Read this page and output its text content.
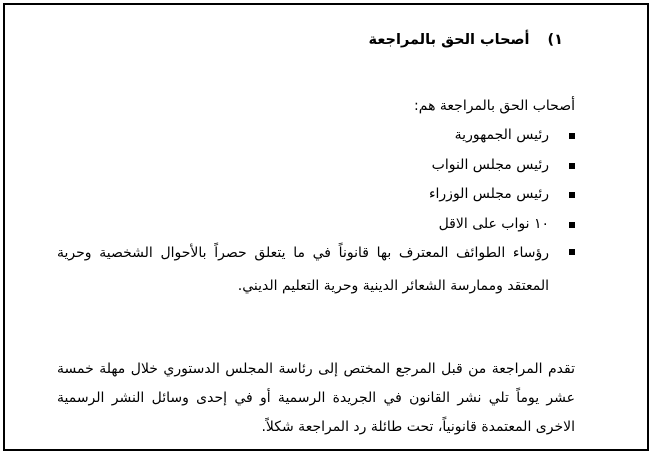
١)
أصحاب الحق بالمراجعة
أصحاب الحق بالمراجعة هم:
رئيس الجمهورية
رئيس مجلس النواب
رئيس مجلس الوزراء
١٠ نواب على الاقل
رؤساء الطوائف المعترف بها قانوناً في ما يتعلق حصراً بالأحوال الشخصية وحرية المعتقد وممارسة الشعائر الدينية وحرية التعليم الديني.

تقدم المراجعة من قبل المرجع المختص إلى رئاسة المجلس الدستوري خلال مهلة خمسة عشر يوماً تلي نشر القانون في الجريدة الرسمية أو في إحدى وسائل النشر الرسمية الاخرى المعتمدة قانونياً، تحت طائلة رد المراجعة شكلاً.
